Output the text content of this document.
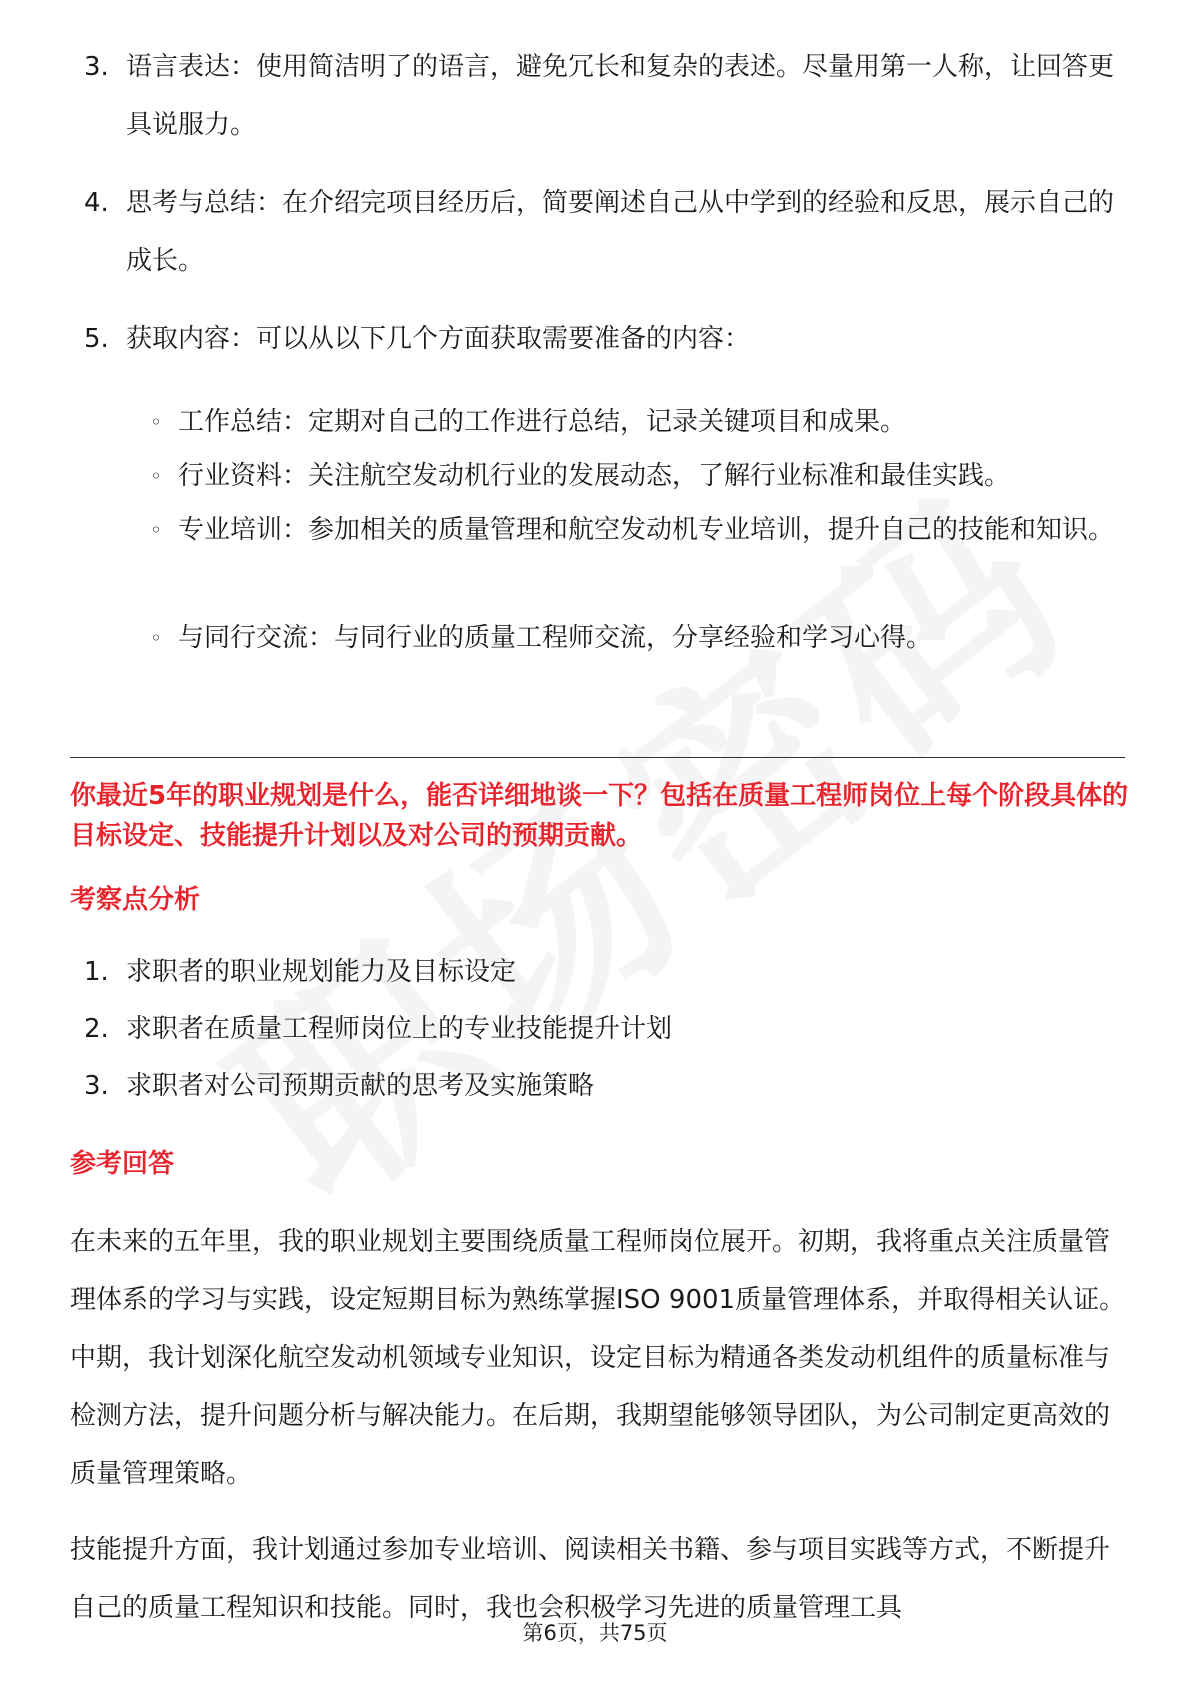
3. 语言表达：使用简洁明了的语言，避免冗长和复杂的表述。尽量用第一人称，让回答更具说服力。
4. 思考与总结：在介绍完项目经历后，简要阐述自己从中学到的经验和反思，展示自己的成长。
5. 获取内容：可以从以下几个方面获取需要准备的内容：
◦ 工作总结：定期对自己的工作进行总结，记录关键项目和成果。
◦ 行业资料：关注航空发动机行业的发展动态，了解行业标准和最佳实践。
◦ 专业培训：参加相关的质量管理和航空发动机专业培训，提升自己的技能和知识。
◦ 与同行交流：与同行业的质量工程师交流，分享经验和学习心得。
你最近5年的职业规划是什么，能否详细地谈一下？包括在质量工程师岗位上每个阶段具体的目标设定、技能提升计划以及对公司的预期贡献。
考察点分析
1. 求职者的职业规划能力及目标设定
2. 求职者在质量工程师岗位上的专业技能提升计划
3. 求职者对公司预期贡献的思考及实施策略
参考回答
在未来的五年里，我的职业规划主要围绕质量工程师岗位展开。初期，我将重点关注质量管理体系的学习与实践，设定短期目标为熟练掌握ISO 9001质量管理体系，并取得相关认证。中期，我计划深化航空发动机领域专业知识，设定目标为精通各类发动机组件的质量标准与检测方法，提升问题分析与解决能力。在后期，我期望能够领导团队，为公司制定更高效的质量管理策略。
技能提升方面，我计划通过参加专业培训、阅读相关书籍、参与项目实践等方式，不断提升自己的质量工程知识和技能。同时，我也会积极学习先进的质量管理工具
第6页，共75页
